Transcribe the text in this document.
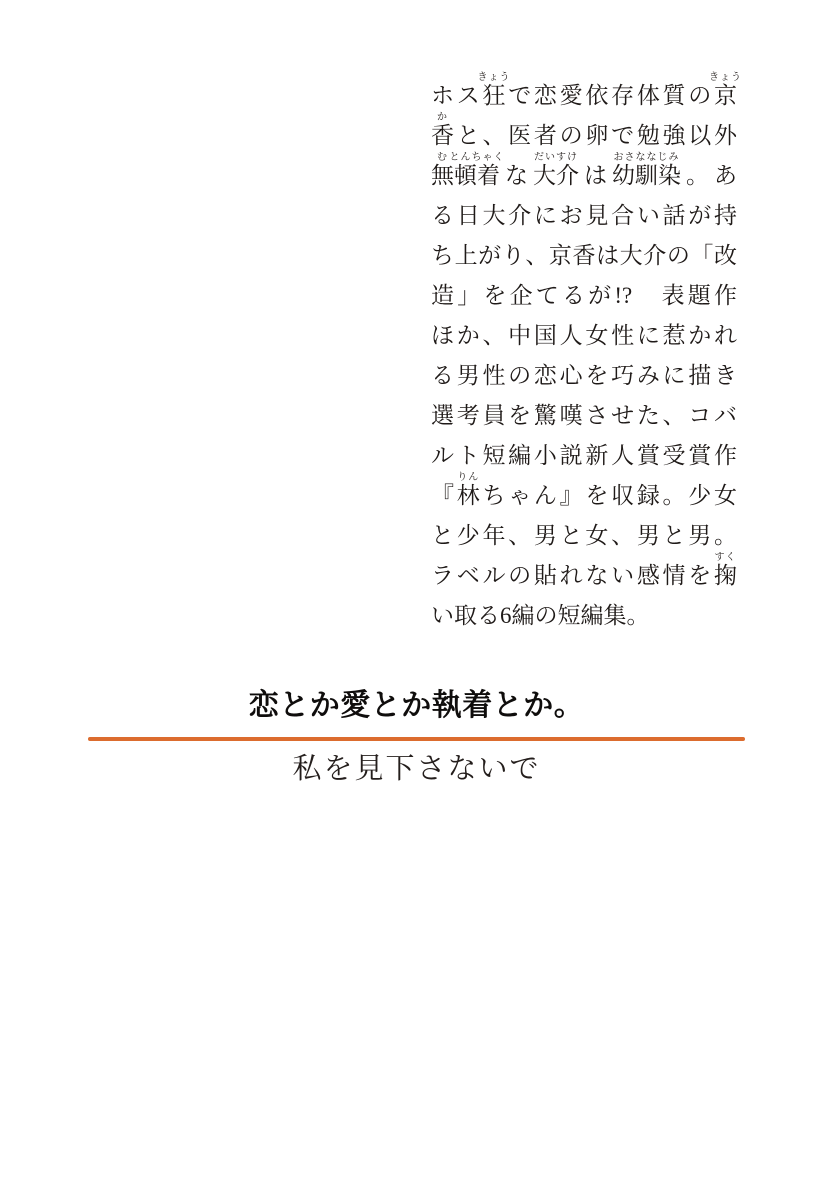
ホス狂
きょう
で恋愛依存体質の京
きょう
香
か
と、医者の卵で勉強以外
無
む
頓着
とんちゃく
な大介
だいすけ
は幼馴染
おさななじみ
。あ
る日大介にお見合い話が持
ち上がり、京香は大介の「改
造」を企てるが!?　表題作
ほか、中国人女性に惹かれ
る男性の恋心を巧みに描き
選考員を驚嘆させた、コバ
ルト短編小説新人賞受賞作
『林
りん
ちゃん』を収録。少女
と少年、男と女、男と男。
ラベルの貼れない感情を掬
すく
い取る6編の短編集。
恋とか愛とか執着とか。
私を見下さないで
